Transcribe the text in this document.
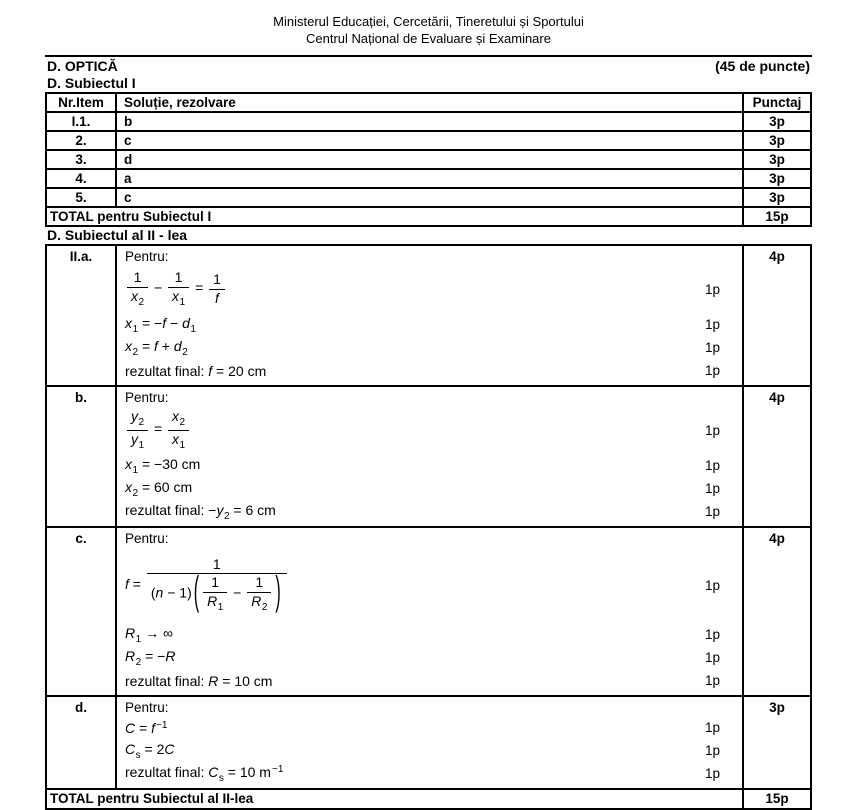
Ministerul Educației, Cercetării, Tineretului și Sportului
Centrul Național de Evaluare și Examinare
D. OPTICĂ	(45 de puncte)
D. Subiectul I
Nr.Item	Soluție, rezolvare	Punctaj
I.1.	b	3p
2.	c	3p
3.	d	3p
4.	a	3p
5.	c	3p
TOTAL pentru Subiectul I		15p
D. Subiectul al II - lea
II.a.	Pentru:
$\frac{1}{x_2} - \frac{1}{x_1} = \frac{1}{f}$	1p
$x_1 = -f - d_1$	1p
$x_2 = f + d_2$	1p
rezultat final: f = 20 cm	1p
	4p
b.	Pentru:
$\frac{y_2}{y_1} = \frac{x_2}{x_1}$	1p
$x_1 = -30$ cm	1p
$x_2 = 60$ cm	1p
rezultat final: $-y_2 = 6$ cm	1p
	4p
c.	Pentru:
$f = \frac{1}{(n - 1) ( \frac{1}{R_1} - \frac{1}{R_2} )}$	1p
$R_1$ → ∞	1p
$R_2 = -R$	1p
rezultat final: R = 10 cm	1p
	4p
d.	Pentru:
$C = f^{-1}$	1p
$C_s = 2C$	1p
rezultat final: $C_s = 10$ $m^{-1}$	1p
	3p
TOTAL pentru Subiectul al II-lea		15p
